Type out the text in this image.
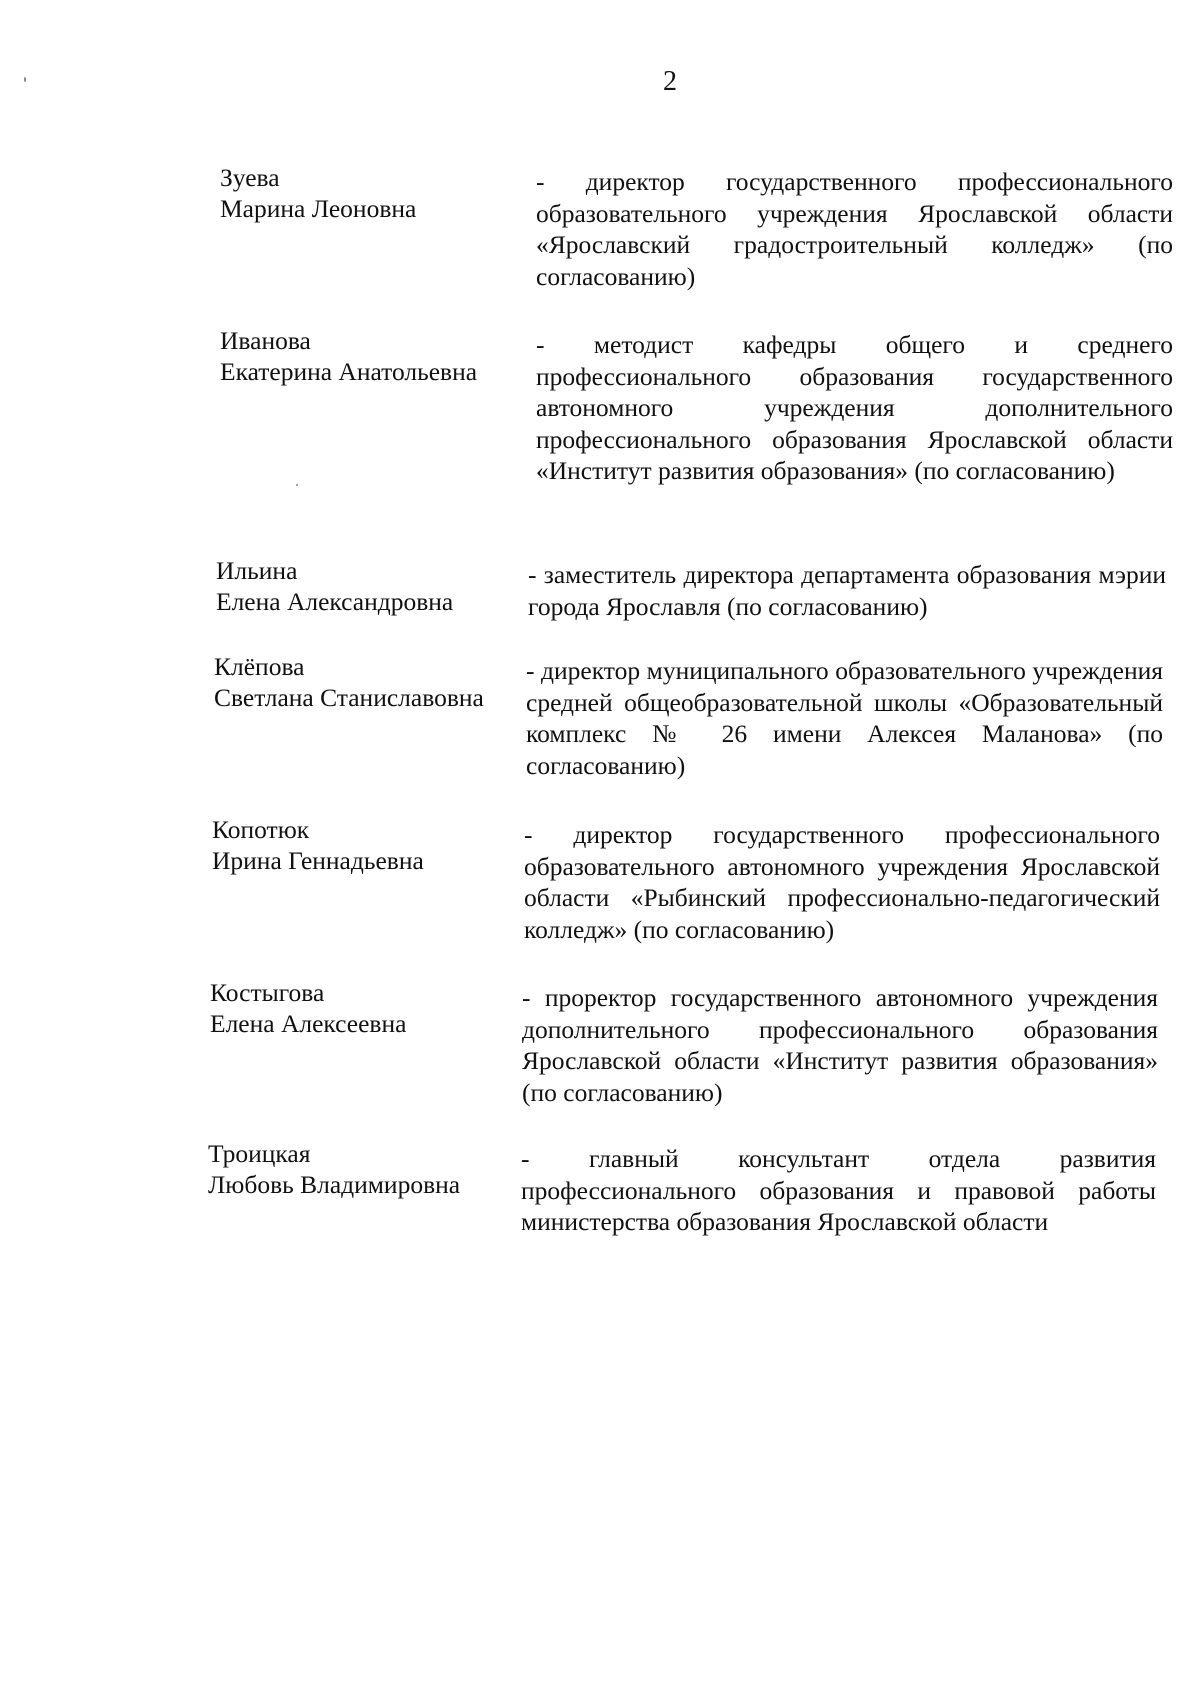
2
Зуева
Марина Леоновна
- директор государственного профессионального образовательного учреждения Ярославской области «Ярославский градостроительный колледж» (по согласованию)
Иванова
Екатерина Анатольевна
- методист кафедры общего и среднего профессионального образования государственного автономного учреждения дополнительного профессионального образования Ярославской области «Институт развития образования» (по согласованию)
Ильина
Елена Александровна
- заместитель директора департамента образования мэрии города Ярославля (по согласованию)
Клёпова
Светлана Станиславовна
- директор муниципального образовательного учреждения средней общеобразовательной школы «Образовательный комплекс № 26 имени Алексея Маланова» (по согласованию)
Копотюк
Ирина Геннадьевна
- директор государственного профессионального образовательного автономного учреждения Ярославской области «Рыбинский профессионально-педагогический колледж» (по согласованию)
Костыгова
Елена Алексеевна
- проректор государственного автономного учреждения дополнительного профессионального образования Ярославской области «Институт развития образования» (по согласованию)
Троицкая
Любовь Владимировна
- главный консультант отдела развития профессионального образования и правовой работы министерства образования Ярославской области
